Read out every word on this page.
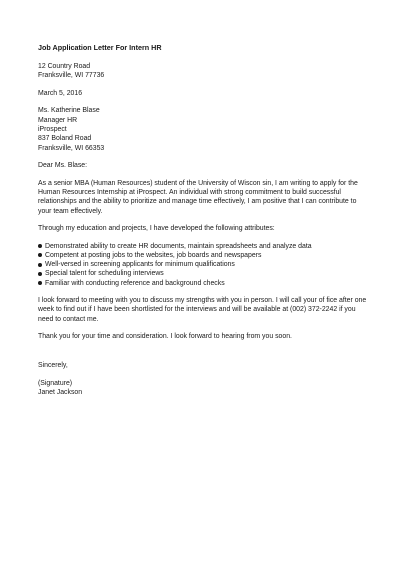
Job Application Letter For Intern HR
12 Country Road
Franksville, WI 77736
March 5, 2016
Ms. Katherine Blase
Manager HR
iProspect
837 Boland Road
Franksville, WI 66353
Dear Ms. Blase:
As a senior MBA (Human Resources) student of the University of Wiscon sin, I am writing to apply for the
Human Resources Internship at iProspect. An individual with strong commitment to build successful
relationships and the ability to prioritize and manage time effectively, I am positive that I can contribute to
your team effectively.
Through my education and projects, I have developed the following attributes:
Demonstrated ability to create HR documents, maintain spreadsheets and analyze data
Competent at posting jobs to the websites, job boards and newspapers
Well-versed in screening applicants for minimum qualifications
Special talent for scheduling interviews
Familiar with conducting reference and background checks
I look forward to meeting with you to discuss my strengths with you in person. I will call your of fice after one
week to find out if I have been shortlisted for the interviews and will be available at (002) 372-2242 if you
need to contact me.
Thank you for your time and consideration. I look forward to hearing from you soon.
Sincerely,
(Signature)
Janet Jackson
